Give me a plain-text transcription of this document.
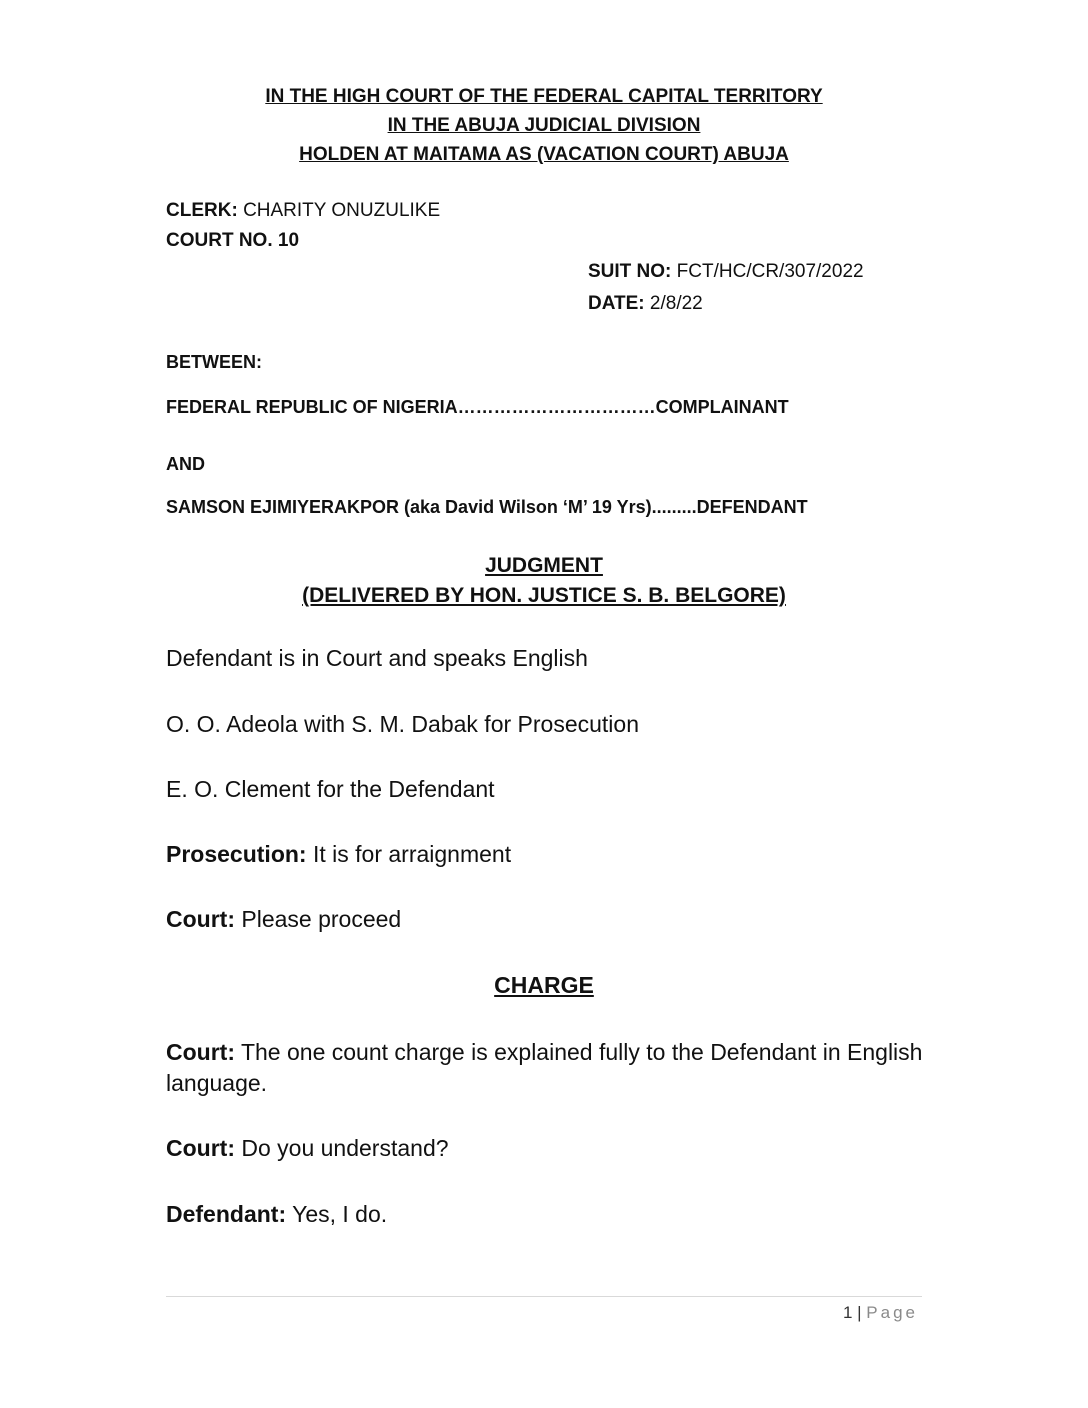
IN THE HIGH COURT OF THE FEDERAL CAPITAL TERRITORY
IN THE ABUJA JUDICIAL DIVISION
HOLDEN AT MAITAMA AS (VACATION COURT) ABUJA
CLERK: CHARITY ONUZULIKE
COURT NO. 10
SUIT NO: FCT/HC/CR/307/2022
DATE: 2/8/22
BETWEEN:
FEDERAL REPUBLIC OF NIGERIA……………………………COMPLAINANT
AND
SAMSON EJIMIYERAKPOR (aka David Wilson ‘M’ 19 Yrs).........DEFENDANT
JUDGMENT
(DELIVERED BY HON. JUSTICE S. B. BELGORE)
Defendant is in Court and speaks English
O. O. Adeola with S. M. Dabak for Prosecution
E. O. Clement for the Defendant
Prosecution: It is for arraignment
Court: Please proceed
CHARGE
Court: The one count charge is explained fully to the Defendant in English language.
Court: Do you understand?
Defendant: Yes, I do.
1 | Page
